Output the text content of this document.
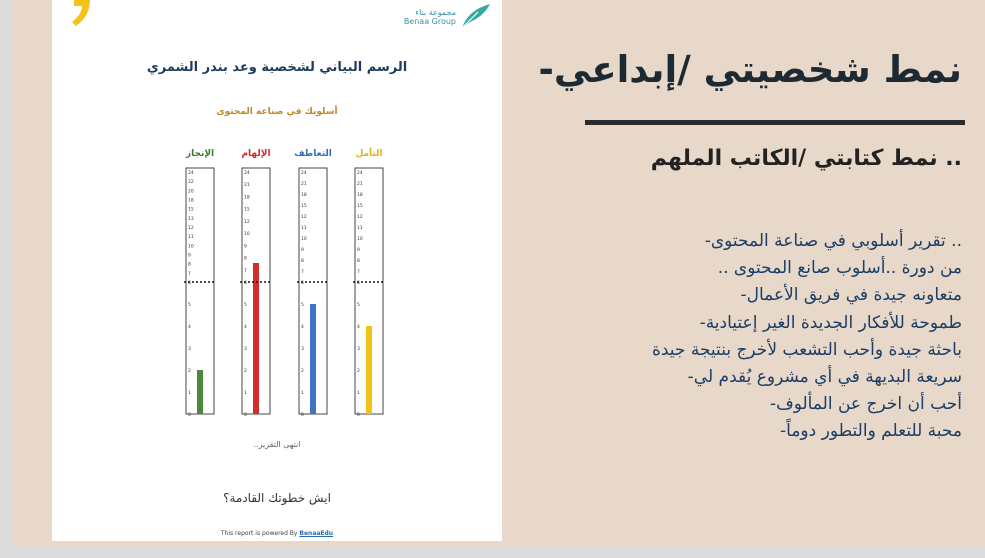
مجموعة بناء
Benaa Group
الرسم البياني لشخصية وعد بندر الشمري
أسلوبك في صناعة المحتوى
الإنجاز
0
1
2
3
4
5
6
7
8
9
10
11
12
13
15
18
20
22
24
الإلهام
0
1
2
3
4
5
6
7
8
9
10
12
15
18
21
24
التعاطف
0
1
2
3
4
5
6
7
8
9
10
11
12
15
18
21
24
التأمل
0
1
2
3
4
5
6
7
8
9
10
11
12
15
18
21
24
انتهى التقرير..
ايش خطوتك القادمة؟
This report is powered By BenaaEdu
نمط شخصيتي /إبداعي-
.. نمط كتابتي /الكاتب الملهم
.. تقرير أسلوبي في صناعة المحتوى-
من دورة ..أسلوب صانع المحتوى ..
متعاونه جيدة في فريق الأعمال-
طموحة للأفكار الجديدة الغير إعتيادية-
باحثة جيدة وأحب التشعب لأخرج بنتيجة جيدة
سريعة البديهة في أي مشروع يُقدم لي-
أحب أن اخرج عن المألوف-
محبة للتعلم والتطور دوماً-
